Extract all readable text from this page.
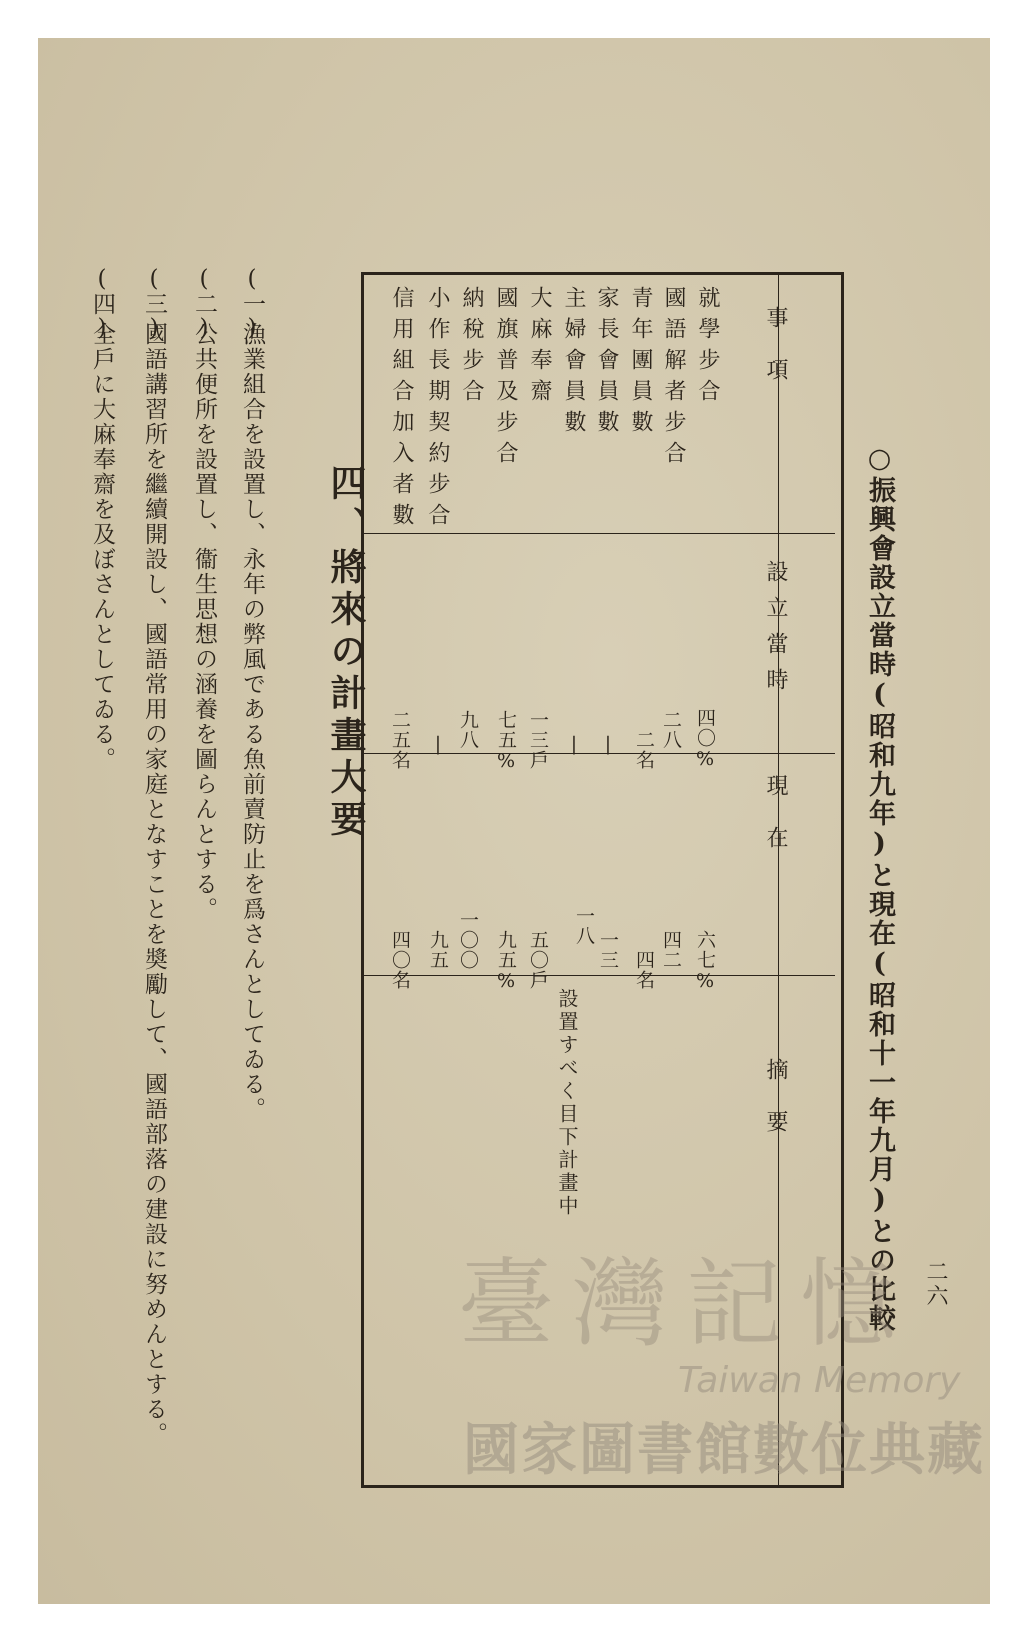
二六
○振興會設立當時(昭和九年)と現在(昭和十一年九月)との比較
事項
設立當時
現在
摘要
就學步合
國語解者步合
青年團員數
家長會員數
主婦會員數
大麻奉齋
國旗普及步合
納稅步合
小作長期契約步合
信用組合加入者數
四〇%
二八
二名
|
|
一三戶
七五%
九八
|
二五名
六七%
四二
四名
一三
一八
五〇戶
九五%
一〇〇
九五
四〇名
設置すべく目下計畫中
四、將來の計畫大要
(一)
漁業組合を設置し、永年の弊風である魚前賣防止を爲さんとしてゐる。
(二)
公共便所を設置し、衞生思想の涵養を圖らんとする。
(三)
國語講習所を繼續開設し、國語常用の家庭となすことを奬勵して、國語部落の建設に努めんとする。
(四)
全戶に大麻奉齋を及ぼさんとしてゐる。
臺灣記憶
Taiwan Memory
國家圖書館數位典藏
